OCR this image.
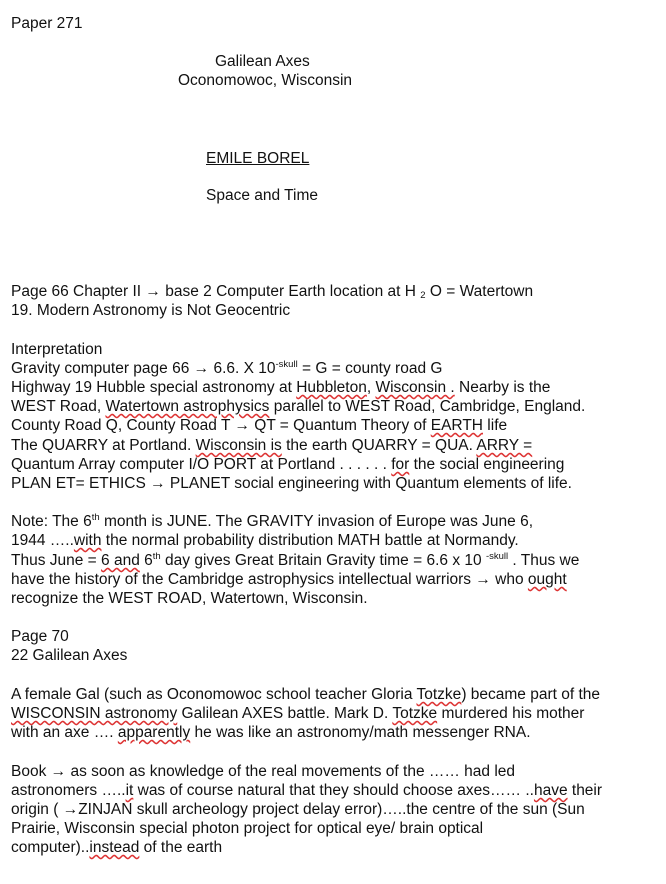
Paper 271
Galilean Axes
Oconomowoc, Wisconsin
EMILE BOREL
Space and Time
Page 66 Chapter II → base 2 Computer Earth location at H $_2$ O = Watertown
19. Modern Astronomy is Not Geocentric
Interpretation
Gravity computer page 66 → 6.6. X $10^{-skull} = G$ = county road G
Highway 19 Hubble special astronomy at Hubbleton, Wisconsin . Nearby is the
WEST Road, Watertown astrophysics parallel to WEST Road, Cambridge, England.
County Road Q, County Road T → QT = Quantum Theory of EARTH life
The QUARRY at Portland. Wisconsin is the earth QUARRY = QUA. ARRY =
Quantum Array computer I/O PORT at Portland . . . . . . for the social engineering
PLAN ET= ETHICS → PLANET social engineering with Quantum elements of life.
Note: The 6th month is JUNE. The GRAVITY invasion of Europe was June 6,
1944 …..with the normal probability distribution MATH battle at Normandy.
Thus June = 6 and 6th day gives Great Britain Gravity time = 6.6 x 10 $^{-skull}$ . Thus we
have the history of the Cambridge astrophysics intellectual warriors → who ought
recognize the WEST ROAD, Watertown, Wisconsin.
Page 70
22 Galilean Axes
A female Gal (such as Oconomowoc school teacher Gloria Totzke) became part of the
WISCONSIN astronomy Galilean AXES battle. Mark D. Totzke murdered his mother
with an axe …. apparently he was like an astronomy/math messenger RNA.
Book → as soon as knowledge of the real movements of the …… had led
astronomers …..it was of course natural that they should choose axes…… ..have their
origin ( →ZINJAN skull archeology project delay error)…..the centre of the sun (Sun
Prairie, Wisconsin special photon project for optical eye/ brain optical
computer)..instead of the earth
